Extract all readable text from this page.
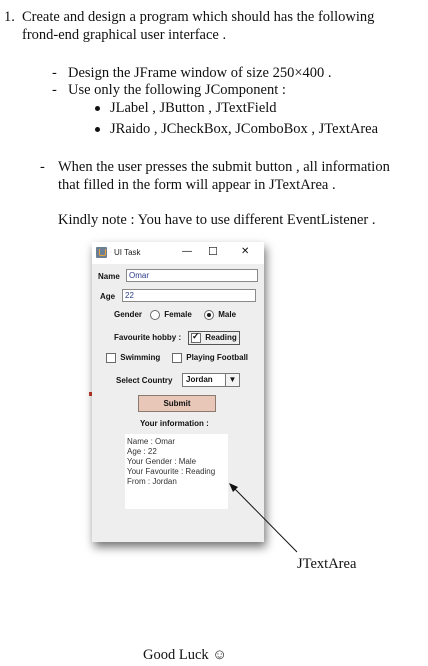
1. Create and design a program which should has the following
frond-end graphical user interface .
- Design the JFrame window of size 250×400 .
- Use only the following JComponent :
JLabel , JButton , JTextField
JRaido , JCheckBox, JComboBox , JTextArea
- When the user presses the submit button , all information
that filled in the form will appear in JTextArea .
Kindly note : You have to use different EventListener .
UI Task	— ☐ ✕
Name	Omar
Age	22
Gender	Female	Male
Favourite hobby :
✓	Reading
Swimming	Playing Football
Select Country Jordan	▼
Submit
Your information :
Name : Omar
Age : 22
Your Gender : Male
Your Favourite : Reading
From : Jordan
JTextArea
Good Luck ☺
